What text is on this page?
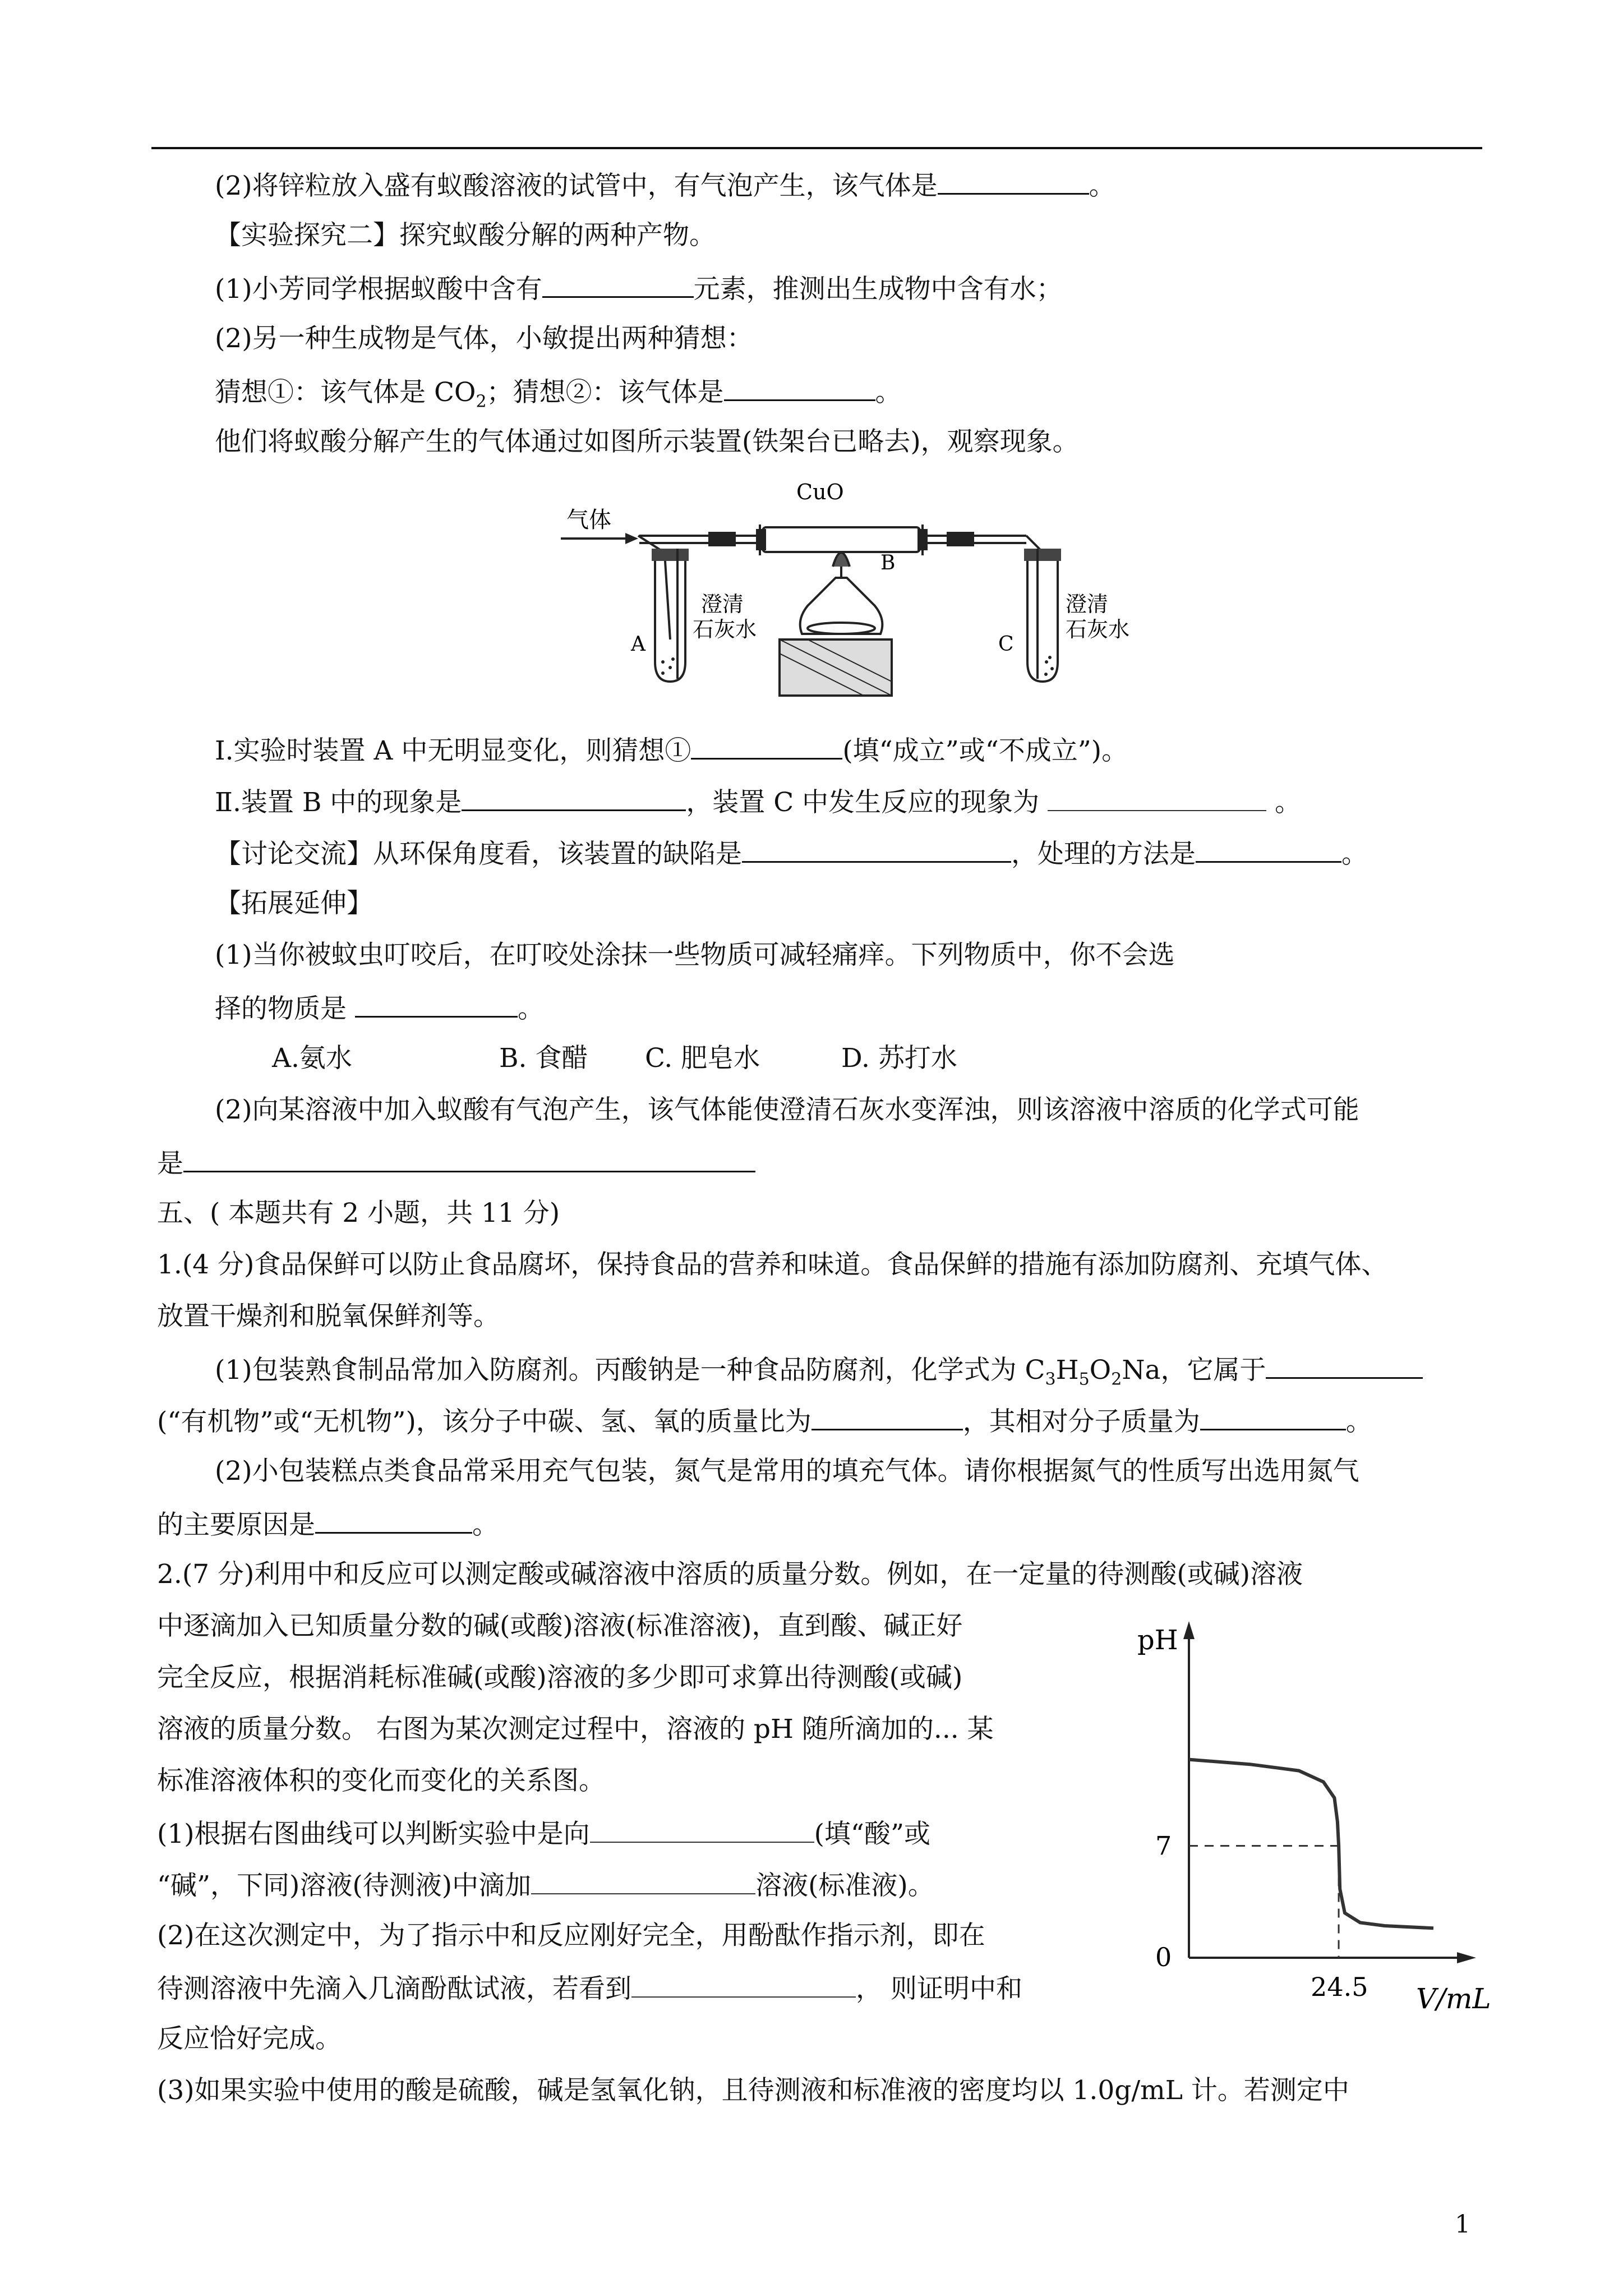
(2)将锌粒放入盛有蚁酸溶液的试管中，有气泡产生，该气体是	。
【实验探究二】探究蚁酸分解的两种产物。
(1)小芳同学根据蚁酸中含有	元素，推测出生成物中含有水；
(2)另一种生成物是气体，小敏提出两种猜想：
猜想①：该气体是 $CO_2$；猜想②：该气体是	。
他们将蚁酸分解产生的气体通过如图所示装置(铁架台已略去)，观察现象。
气体
CuO
B
A	C
澄清
石灰水
澄清
石灰水
Ⅰ.实验时装置 A 中无明显变化，则猜想①	(填“成立”或“不成立”)。
Ⅱ.装置 B 中的现象是	，装置 C 中发生反应的现象为	。
【讨论交流】从环保角度看，该装置的缺陷是	，处理的方法是	。
【拓展延伸】
(1)当你被蚊虫叮咬后，在叮咬处涂抹一些物质可减轻痛痒。下列物质中，你不会选
择的物质是	。
A.氨水	B. 食醋 C. 肥皂水	D. 苏打水
(2)向某溶液中加入蚁酸有气泡产生，该气体能使澄清石灰水变浑浊，则该溶液中溶质的化学式可能
是
五、( 本题共有 2 小题，共 11 分)
1.(4 分)食品保鲜可以防止食品腐坏，保持食品的营养和味道。食品保鲜的措施有添加防腐剂、充填气体、
放置干燥剂和脱氧保鲜剂等。
(1)包装熟食制品常加入防腐剂。丙酸钠是一种食品防腐剂，化学式为 $C_3H_5O_2Na$，它属于
(“有机物”或“无机物”)，该分子中碳、氢、氧的质量比为	，其相对分子质量为	。
(2)小包装糕点类食品常采用充气包装，氮气是常用的填充气体。请你根据氮气的性质写出选用氮气
的主要原因是	。
2.(7 分)利用中和反应可以测定酸或碱溶液中溶质的质量分数。例如，在一定量的待测酸(或碱)溶液
中逐滴加入已知质量分数的碱(或酸)溶液(标准溶液)，直到酸、碱正好
完全反应，根据消耗标准碱(或酸)溶液的多少即可求算出待测酸(或碱)
溶液的质量分数。 右图为某次测定过程中，溶液的 pH 随所滴加的... 某
标准溶液体积的变化而变化的关系图。
(1)根据右图曲线可以判断实验中是向	(填“酸”或
“碱”，下同)溶液(待测液)中滴加	溶液(标准液)。
(2)在这次测定中，为了指示中和反应刚好完全，用酚酞作指示剂，即在
待测溶液中先滴入几滴酚酞试液，若看到	， 则证明中和
反应恰好完成。
(3)如果实验中使用的酸是硫酸，碱是氢氧化钠，且待测液和标准液的密度均以 1.0g/mL 计。若测定中
pH
7
0
24.5 V/mL
1
